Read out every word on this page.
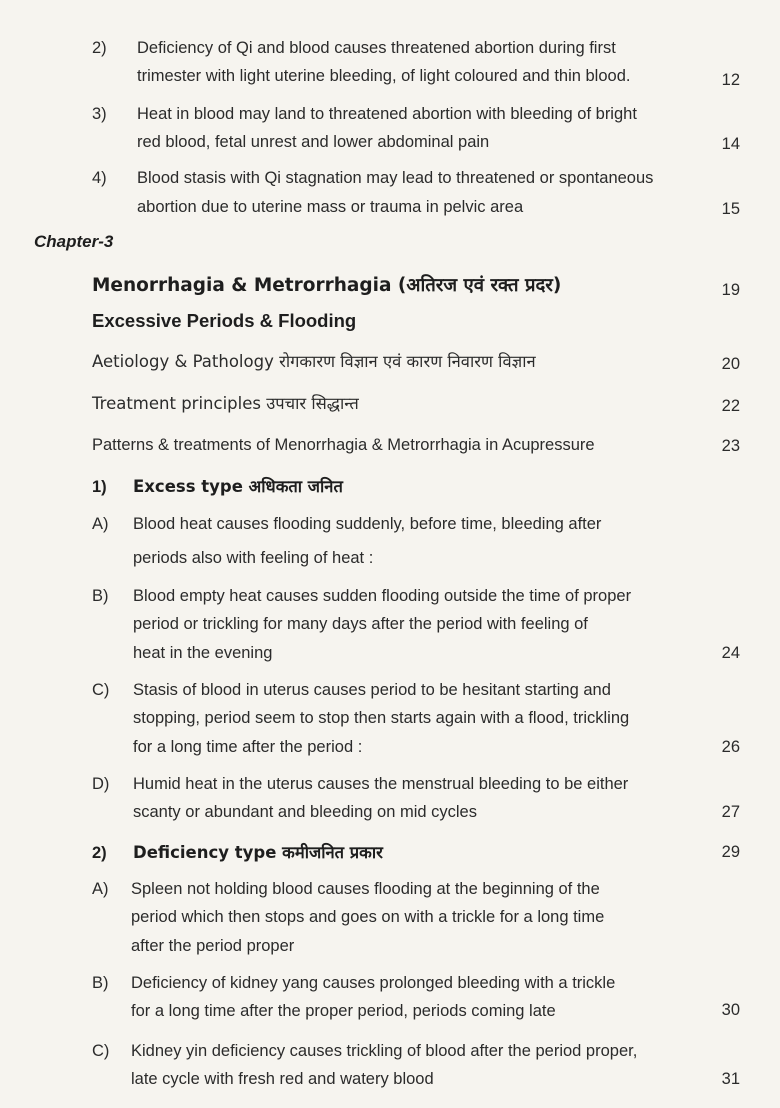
2) Deficiency of Qi and blood causes threatened abortion during first
trimester with light uterine bleeding, of light coloured and thin blood.	12
3) Heat in blood may land to threatened abortion with bleeding of bright
red blood, fetal unrest and lower abdominal pain	14
4) Blood stasis with Qi stagnation may lead to threatened or spontaneous
abortion due to uterine mass or trauma in pelvic area	15
Chapter-3
Menorrhagia & Metrorrhagia (अतिरज एवं रक्त प्रदर)	19
Excessive Periods & Flooding
Aetiology & Pathology रोगकारण विज्ञान एवं कारण निवारण विज्ञान	20
Treatment principles उपचार सिद्धान्त	22
Patterns & treatments of Menorrhagia & Metrorrhagia in Acupressure	23
1) Excess type अधिकता जनित
A) Blood heat causes flooding suddenly, before time, bleeding after
periods also with feeling of heat :
B) Blood empty heat causes sudden flooding outside the time of proper
period or trickling for many days after the period with feeling of
heat in the evening	24
C) Stasis of blood in uterus causes period to be hesitant starting and
stopping, period seem to stop then starts again with a flood, trickling
for a long time after the period :	26
D) Humid heat in the uterus causes the menstrual bleeding to be either
scanty or abundant and bleeding on mid cycles	27
2) Deficiency type कमीजनित प्रकार	29
A) Spleen not holding blood causes flooding at the beginning of the
period which then stops and goes on with a trickle for a long time
after the period proper
B) Deficiency of kidney yang causes prolonged bleeding with a trickle
for a long time after the proper period, periods coming late	30
C) Kidney yin deficiency causes trickling of blood after the period proper,
late cycle with fresh red and watery blood	31
